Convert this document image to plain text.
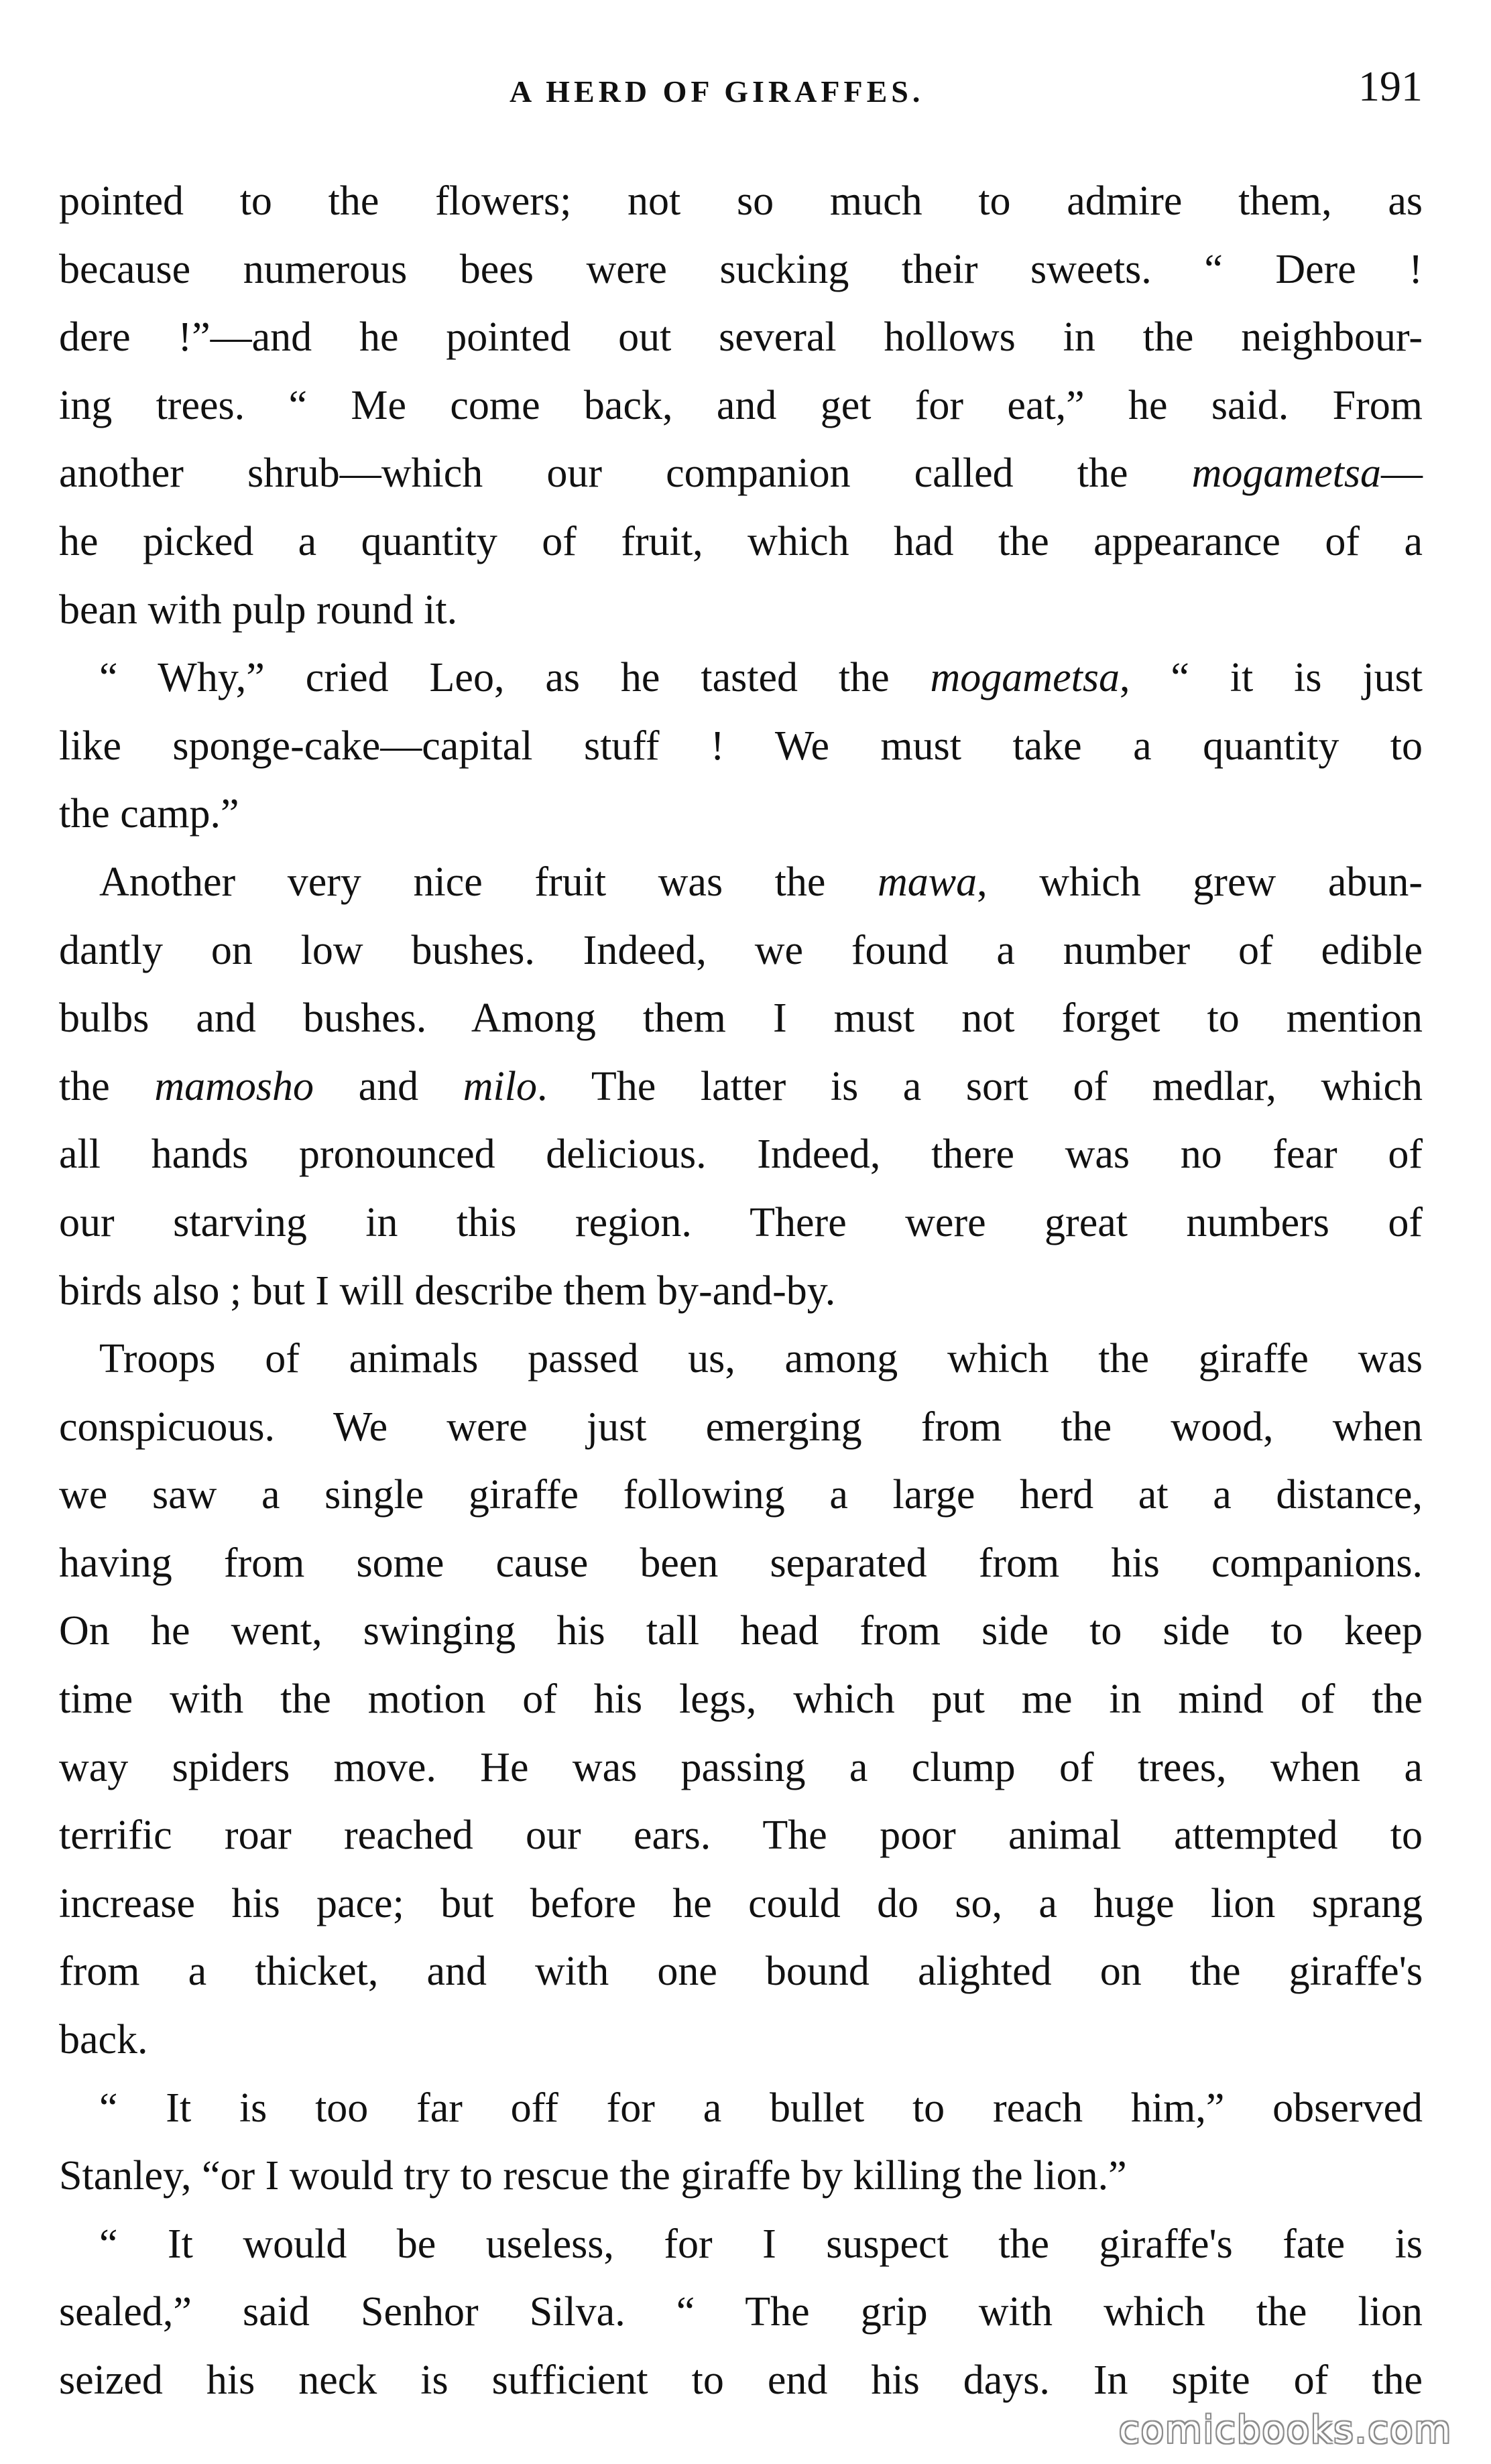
A HERD OF GIRAFFES.	191
pointed to the flowers; not so much to admire them, as
because numerous bees were sucking their sweets. “ Dere !
dere !”—and he pointed out several hollows in the neighbour-
ing trees. “ Me come back, and get for eat,” he said. From
another shrub—which our companion called the mogametsa—
he picked a quantity of fruit, which had the appearance of a
bean with pulp round it.
“ Why,” cried Leo, as he tasted the mogametsa, “ it is just
like sponge-cake—capital stuff ! We must take a quantity to
the camp.”
Another very nice fruit was the mawa, which grew abun-
dantly on low bushes. Indeed, we found a number of edible
bulbs and bushes. Among them I must not forget to mention
the mamosho and milo. The latter is a sort of medlar, which
all hands pronounced delicious. Indeed, there was no fear of
our starving in this region. There were great numbers of
birds also ; but I will describe them by-and-by.
Troops of animals passed us, among which the giraffe was
conspicuous. We were just emerging from the wood, when
we saw a single giraffe following a large herd at a distance,
having from some cause been separated from his companions.
On he went, swinging his tall head from side to side to keep
time with the motion of his legs, which put me in mind of the
way spiders move. He was passing a clump of trees, when a
terrific roar reached our ears. The poor animal attempted to
increase his pace; but before he could do so, a huge lion sprang
from a thicket, and with one bound alighted on the giraffe's
back.
“ It is too far off for a bullet to reach him,” observed
Stanley, “or I would try to rescue the giraffe by killing the lion.”
“ It would be useless, for I suspect the giraffe's fate is
sealed,” said Senhor Silva. “ The grip with which the lion
seized his neck is sufficient to end his days. In spite of the
comicbooks.com
